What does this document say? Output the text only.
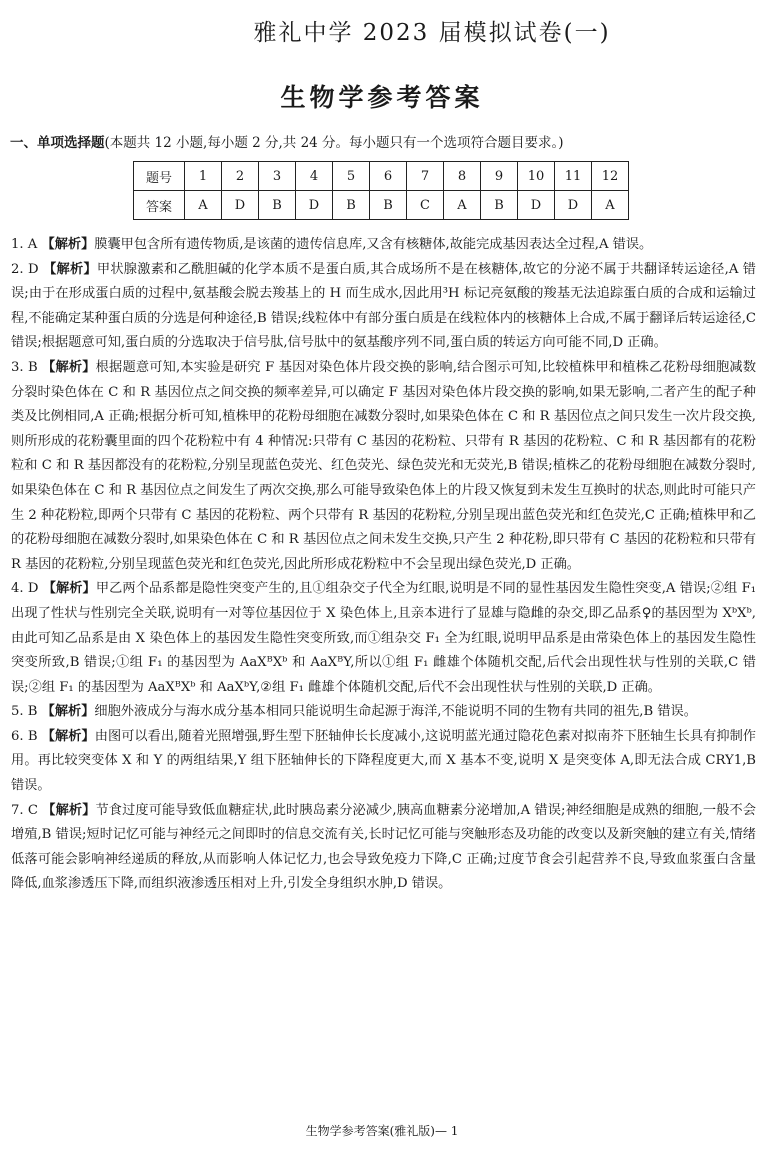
雅礼中学 2023 届模拟试卷(一)
生物学参考答案
一、单项选择题(本题共 12 小题,每小题 2 分,共 24 分。每小题只有一个选项符合题目要求。)
题号	1	2	3	4	5	6	7	8	9	10	11	12
答案	A	D	B	D	B	B	C	A	B	D	D	A

1. A 【解析】膜囊甲包含所有遗传物质,是该菌的遗传信息库,又含有核糖体,故能完成基因表达全过程,A 错误。

2. D 【解析】甲状腺激素和乙酰胆碱的化学本质不是蛋白质,其合成场所不是在核糖体,故它的分泌不属于共翻译转运途径,A 错误;由于在形成蛋白质的过程中,氨基酸会脱去羧基上的 H 而生成水,因此用³H 标记亮氨酸的羧基无法追踪蛋白质的合成和运输过程,不能确定某种蛋白质的分选是何种途径,B 错误;线粒体中有部分蛋白质是在线粒体内的核糖体上合成,不属于翻译后转运途径,C 错误;根据题意可知,蛋白质的分选取决于信号肽,信号肽中的氨基酸序列不同,蛋白质的转运方向可能不同,D 正确。

3. B 【解析】根据题意可知,本实验是研究 F 基因对染色体片段交换的影响,结合图示可知,比较植株甲和植株乙花粉母细胞减数分裂时染色体在 C 和 R 基因位点之间交换的频率差异,可以确定 F 基因对染色体片段交换的影响,如果无影响,二者产生的配子种类及比例相同,A 正确;根据分析可知,植株甲的花粉母细胞在减数分裂时,如果染色体在 C 和 R 基因位点之间只发生一次片段交换,则所形成的花粉囊里面的四个花粉粒中有 4 种情况:只带有 C 基因的花粉粒、只带有 R 基因的花粉粒、C 和 R 基因都有的花粉粒和 C 和 R 基因都没有的花粉粒,分别呈现蓝色荧光、红色荧光、绿色荧光和无荧光,B 错误;植株乙的花粉母细胞在减数分裂时,如果染色体在 C 和 R 基因位点之间发生了两次交换,那么可能导致染色体上的片段又恢复到未发生互换时的状态,则此时可能只产生 2 种花粉粒,即两个只带有 C 基因的花粉粒、两个只带有 R 基因的花粉粒,分别呈现出蓝色荧光和红色荧光,C 正确;植株甲和乙的花粉母细胞在减数分裂时,如果染色体在 C 和 R 基因位点之间未发生交换,只产生 2 种花粉,即只带有 C 基因的花粉粒和只带有 R 基因的花粉粒,分别呈现蓝色荧光和红色荧光,因此所形成花粉粒中不会呈现出绿色荧光,D 正确。

4. D 【解析】甲乙两个品系都是隐性突变产生的,且①组杂交子代全为红眼,说明是不同的显性基因发生隐性突变,A 错误;②组 F₁ 出现了性状与性别完全关联,说明有一对等位基因位于 X 染色体上,且亲本进行了显雄与隐雌的杂交,即乙品系♀的基因型为 XᵇXᵇ,由此可知乙品系是由 X 染色体上的基因发生隐性突变所致,而①组杂交 F₁ 全为红眼,说明甲品系是由常染色体上的基因发生隐性突变所致,B 错误;①组 F₁ 的基因型为 AaXᴮXᵇ 和 AaXᴮY,所以①组 F₁ 雌雄个体随机交配,后代会出现性状与性别的关联,C 错误;②组 F₁ 的基因型为 AaXᴮXᵇ 和 AaXᵇY,②组 F₁ 雌雄个体随机交配,后代不会出现性状与性别的关联,D 正确。

5. B 【解析】细胞外液成分与海水成分基本相同只能说明生命起源于海洋,不能说明不同的生物有共同的祖先,B 错误。

6. B 【解析】由图可以看出,随着光照增强,野生型下胚轴伸长长度减小,这说明蓝光通过隐花色素对拟南芥下胚轴生长具有抑制作用。再比较突变体 X 和 Y 的两组结果,Y 组下胚轴伸长的下降程度更大,而 X 基本不变,说明 X 是突变体 A,即无法合成 CRY1,B 错误。

7. C 【解析】节食过度可能导致低血糖症状,此时胰岛素分泌减少,胰高血糖素分泌增加,A 错误;神经细胞是成熟的细胞,一般不会增殖,B 错误;短时记忆可能与神经元之间即时的信息交流有关,长时记忆可能与突触形态及功能的改变以及新突触的建立有关,情绪低落可能会影响神经递质的释放,从而影响人体记忆力,也会导致免疫力下降,C 正确;过度节食会引起营养不良,导致血浆蛋白含量降低,血浆渗透压下降,而组织液渗透压相对上升,引发全身组织水肿,D 错误。

生物学参考答案(雅礼版)— 1
